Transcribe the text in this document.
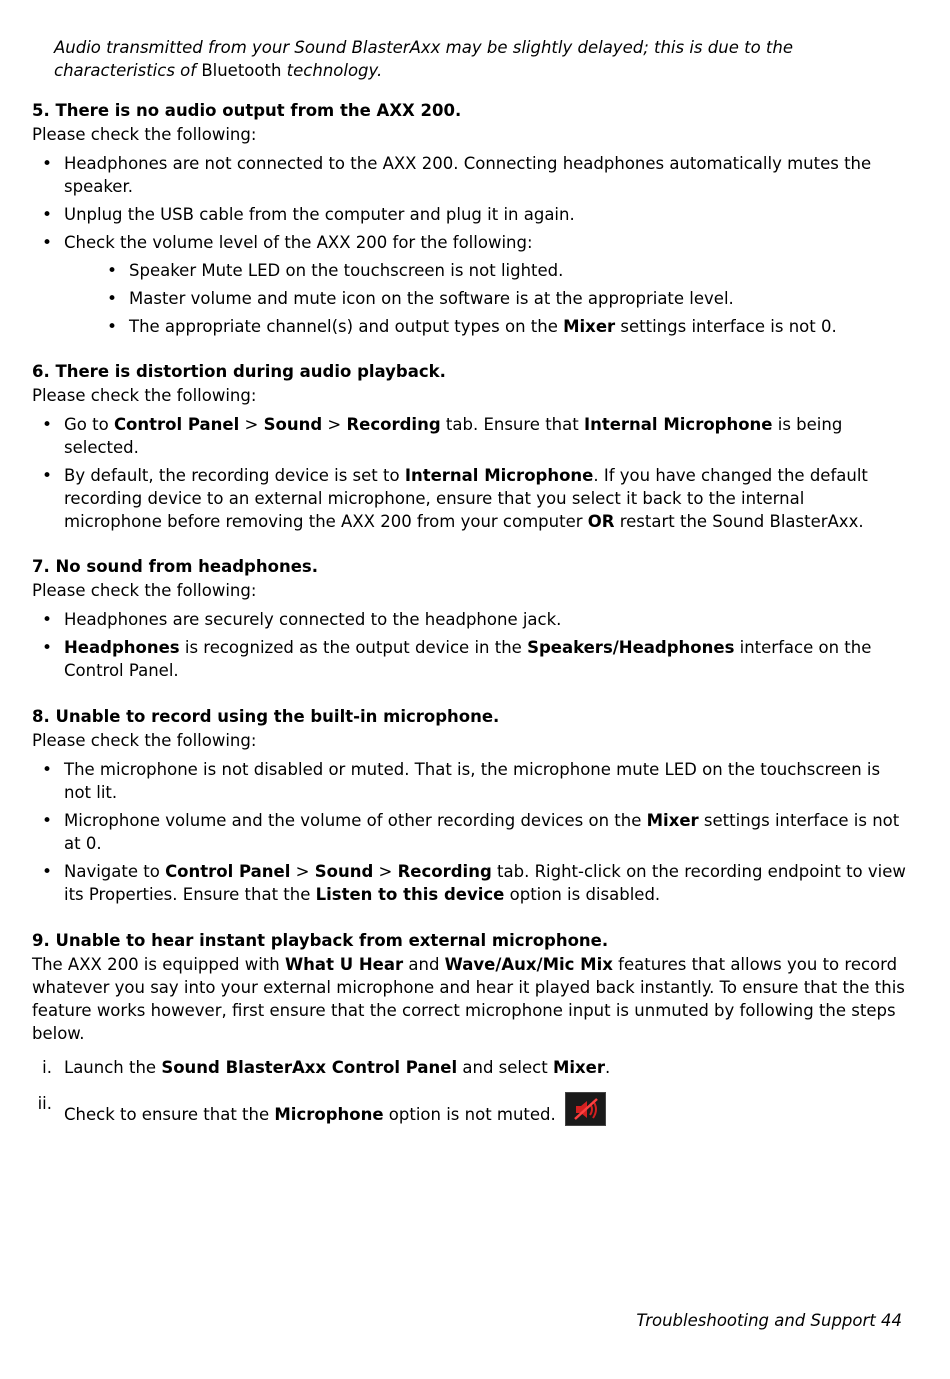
Audio transmitted from your Sound BlasterAxx may be slightly delayed; this is due to the characteristics of Bluetooth technology.
5. There is no audio output from the AXX 200.

Please check the following:

• Headphones are not connected to the AXX 200. Connecting headphones automatically mutes the speaker.
• Unplug the USB cable from the computer and plug it in again.
• Check the volume level of the AXX 200 for the following:
• Speaker Mute LED on the touchscreen is not lighted.
• Master volume and mute icon on the software is at the appropriate level.
• The appropriate channel(s) and output types on the Mixer settings interface is not 0.
6. There is distortion during audio playback.

Please check the following:

• Go to Control Panel > Sound > Recording tab. Ensure that Internal Microphone is being selected.
• By default, the recording device is set to Internal Microphone. If you have changed the default recording device to an external microphone, ensure that you select it back to the internal microphone before removing the AXX 200 from your computer OR restart the Sound BlasterAxx.
7. No sound from headphones.

Please check the following:

• Headphones are securely connected to the headphone jack.
• Headphones is recognized as the output device in the Speakers/Headphones interface on the Control Panel.
8. Unable to record using the built-in microphone.

Please check the following:

• The microphone is not disabled or muted. That is, the microphone mute LED on the touchscreen is not lit.
• Microphone volume and the volume of other recording devices on the Mixer settings interface is not at 0.
• Navigate to Control Panel > Sound > Recording tab. Right-click on the recording endpoint to view its Properties. Ensure that the Listen to this device option is disabled.
9. Unable to hear instant playback from external microphone.

The AXX 200 is equipped with What U Hear and Wave/Aux/Mic Mix features that allows you to record whatever you say into your external microphone and hear it played back instantly. To ensure that the this feature works however, first ensure that the correct microphone input is unmuted by following the steps below.

i. Launch the Sound BlasterAxx Control Panel and select Mixer.
ii.
Check to ensure that the Microphone option is not muted.
Troubleshooting and Support 44
